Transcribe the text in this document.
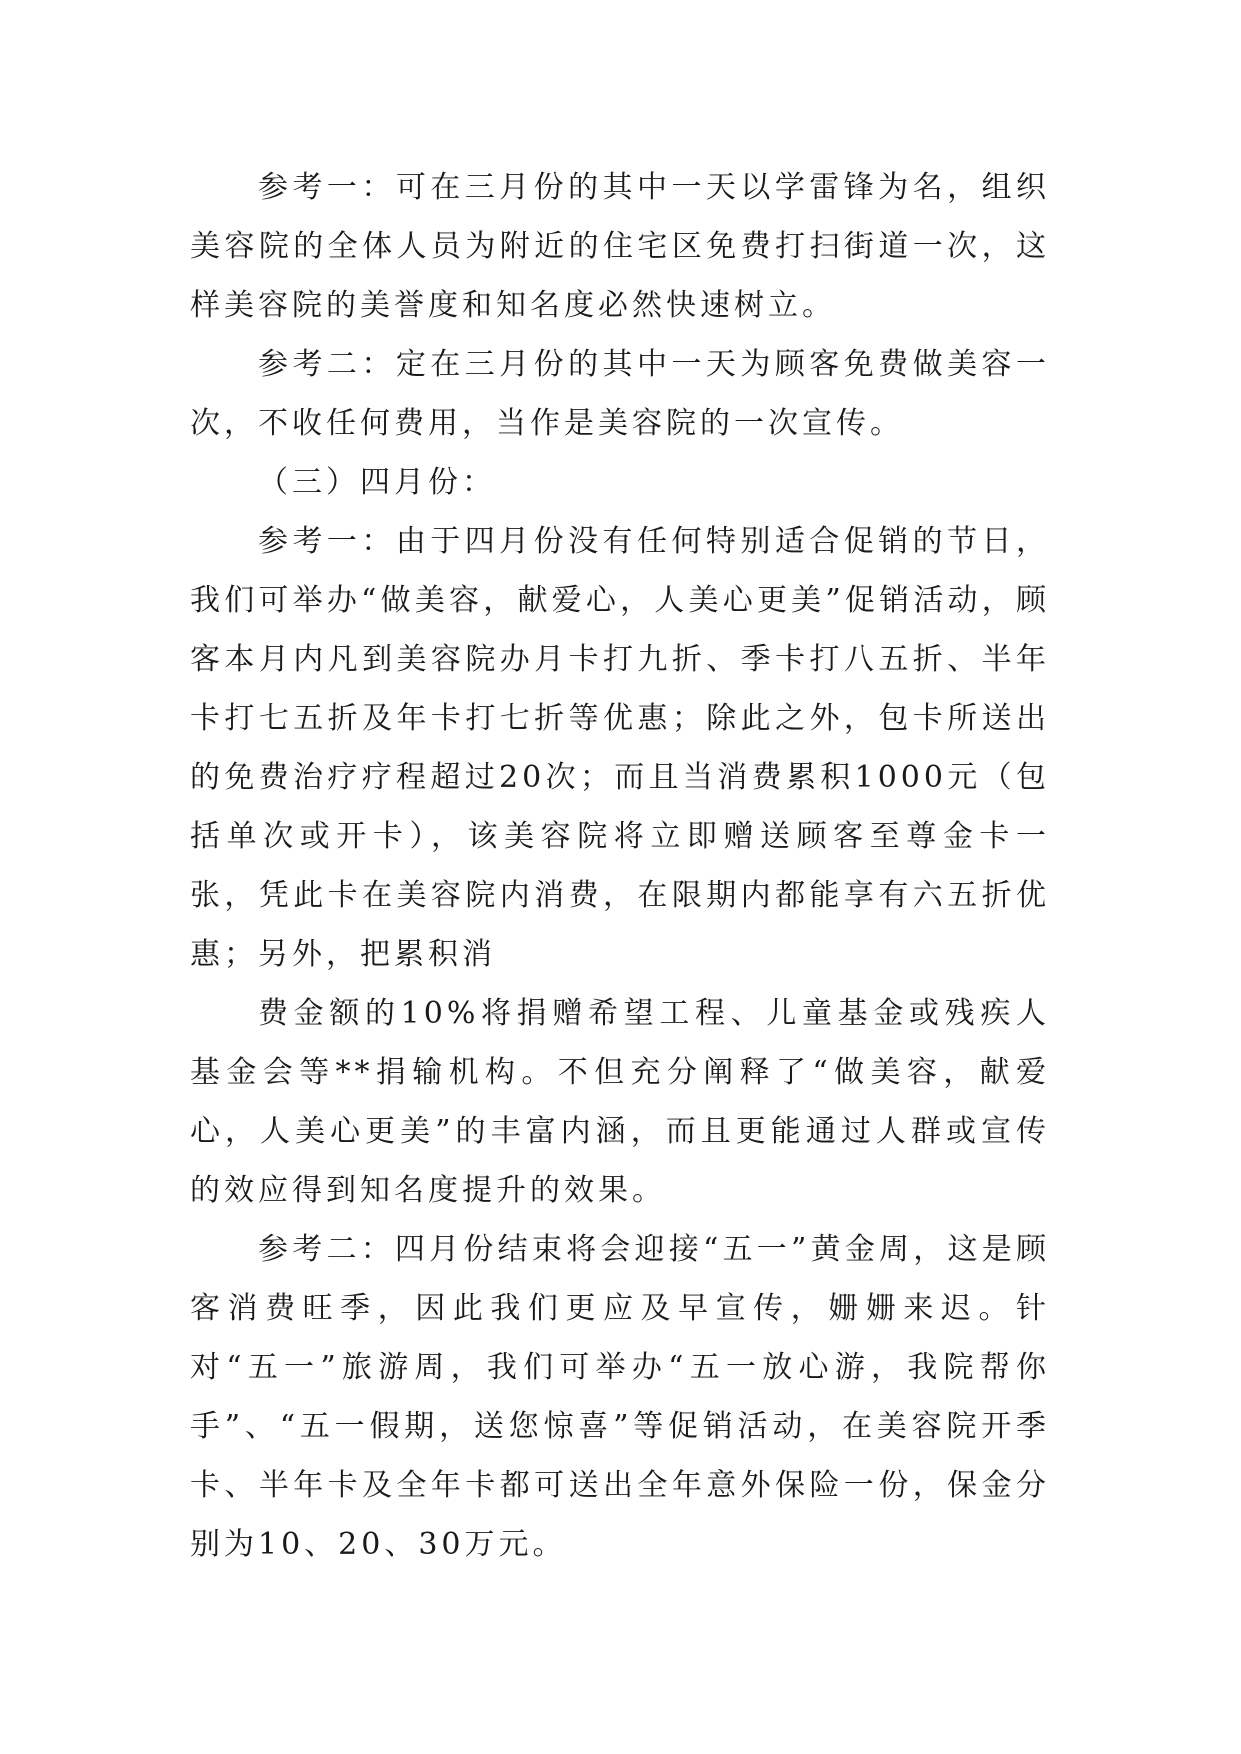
参考一：可在三月份的其中一天以学雷锋为名，组织美容院的全体人员为附近的住宅区免费打扫街道一次，这样美容院的美誉度和知名度必然快速树立。

参考二：定在三月份的其中一天为顾客免费做美容一次，不收任何费用，当作是美容院的一次宣传。

（三）四月份：

参考一：由于四月份没有任何特别适合促销的节日，我们可举办“做美容，献爱心，人美心更美”促销活动，顾客本月内凡到美容院办月卡打九折、季卡打八五折、半年卡打七五折及年卡打七折等优惠；除此之外，包卡所送出的免费治疗疗程超过20次；而且当消费累积1000元（包括单次或开卡），该美容院将立即赠送顾客至尊金卡一张，凭此卡在美容院内消费，在限期内都能享有六五折优惠；另外，把累积消

费金额的10%将捐赠希望工程、儿童基金或残疾人基金会等**捐输机构。不但充分阐释了“做美容，献爱心，人美心更美”的丰富内涵，而且更能通过人群或宣传的效应得到知名度提升的效果。

参考二：四月份结束将会迎接“五一”黄金周，这是顾客消费旺季，因此我们更应及早宣传，姗姗来迟。针对“五一”旅游周，我们可举办“五一放心游，我院帮你手”、“五一假期，送您惊喜”等促销活动，在美容院开季卡、半年卡及全年卡都可送出全年意外保险一份，保金分别为10、20、30万元。
